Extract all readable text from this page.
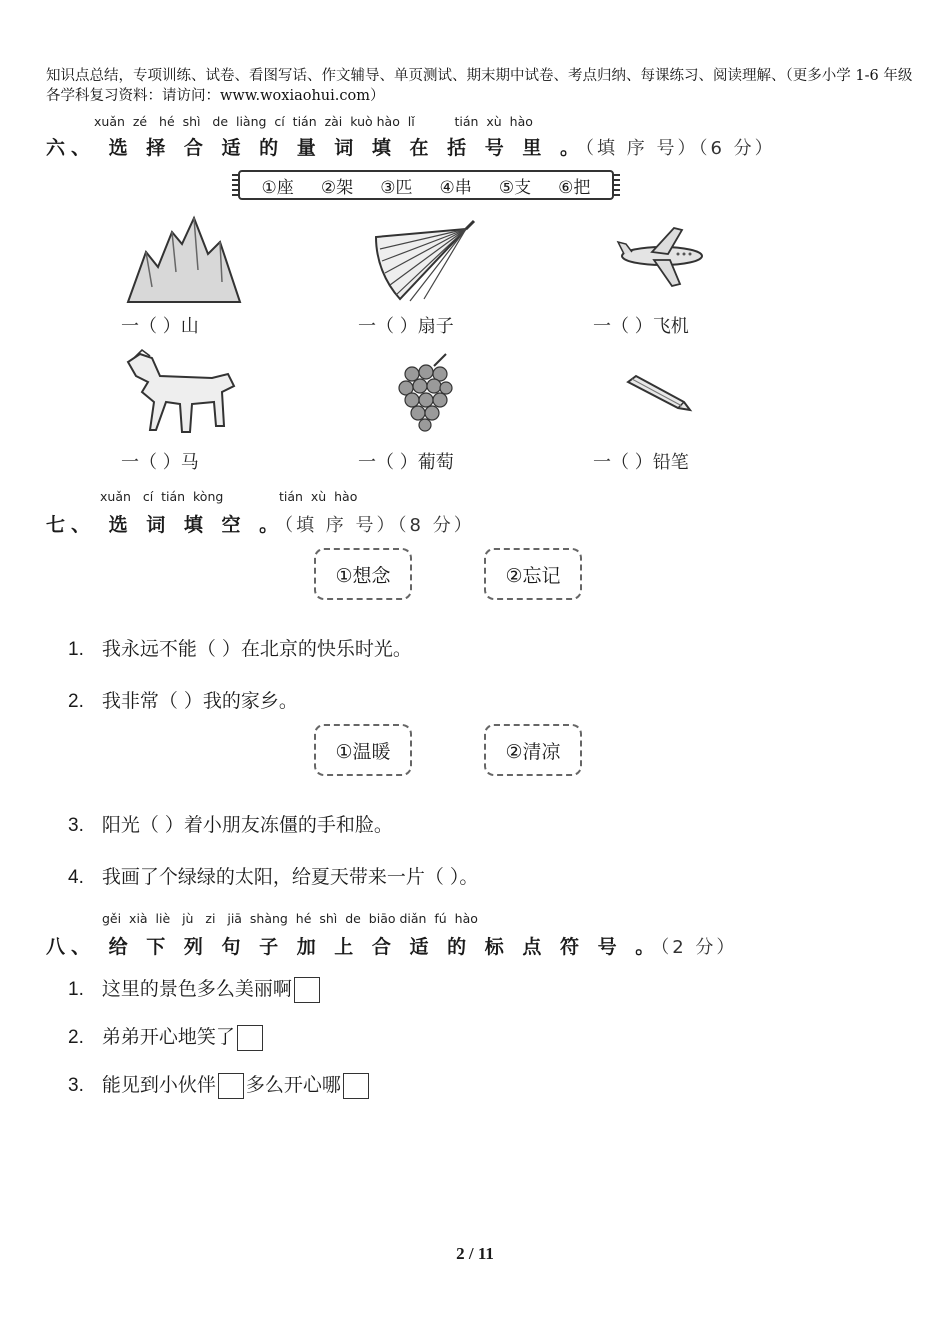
知识点总结，专项训练、试卷、看图写话、作文辅导、单页测试、期末期中试卷、考点归纳、每课练习、阅读理解、（更多小学 1-6 年级各学科复习资料：请访问：www.woxiaohui.com）
xuǎn  zé   hé  shì   de  liàng  cí  tián  zài  kuò hào  lǐ          tián  xù  hào
六、 选 择 合 适 的 量 词 填 在 括 号 里 。（填 序 号）（6 分）
①座 ②架 ③匹 ④串 ⑤支 ⑥把
一（ ）山	一（ ）扇子	一（ ）飞机
一（ ）马	一（ ）葡萄	一（ ）铅笔
xuǎn   cí  tián  kòng              tián  xù  hào
七、 选 词 填 空 。（填 序 号）（8 分）
①想念	②忘记
1. 我永远不能（ ）在北京的快乐时光。
2. 我非常（ ）我的家乡。
①温暖	②清凉
3. 阳光（ ）着小朋友冻僵的手和脸。
4. 我画了个绿绿的太阳，给夏天带来一片（ ）。
gěi  xià  liè   jù   zi   jiā  shàng  hé  shì  de  biāo diǎn  fú  hào
八、 给 下 列 句 子 加 上 合 适 的 标 点 符 号 。（2 分）
1. 这里的景色多么美丽啊
2. 弟弟开心地笑了
3. 能见到小伙伴 多么开心哪
2 / 11
